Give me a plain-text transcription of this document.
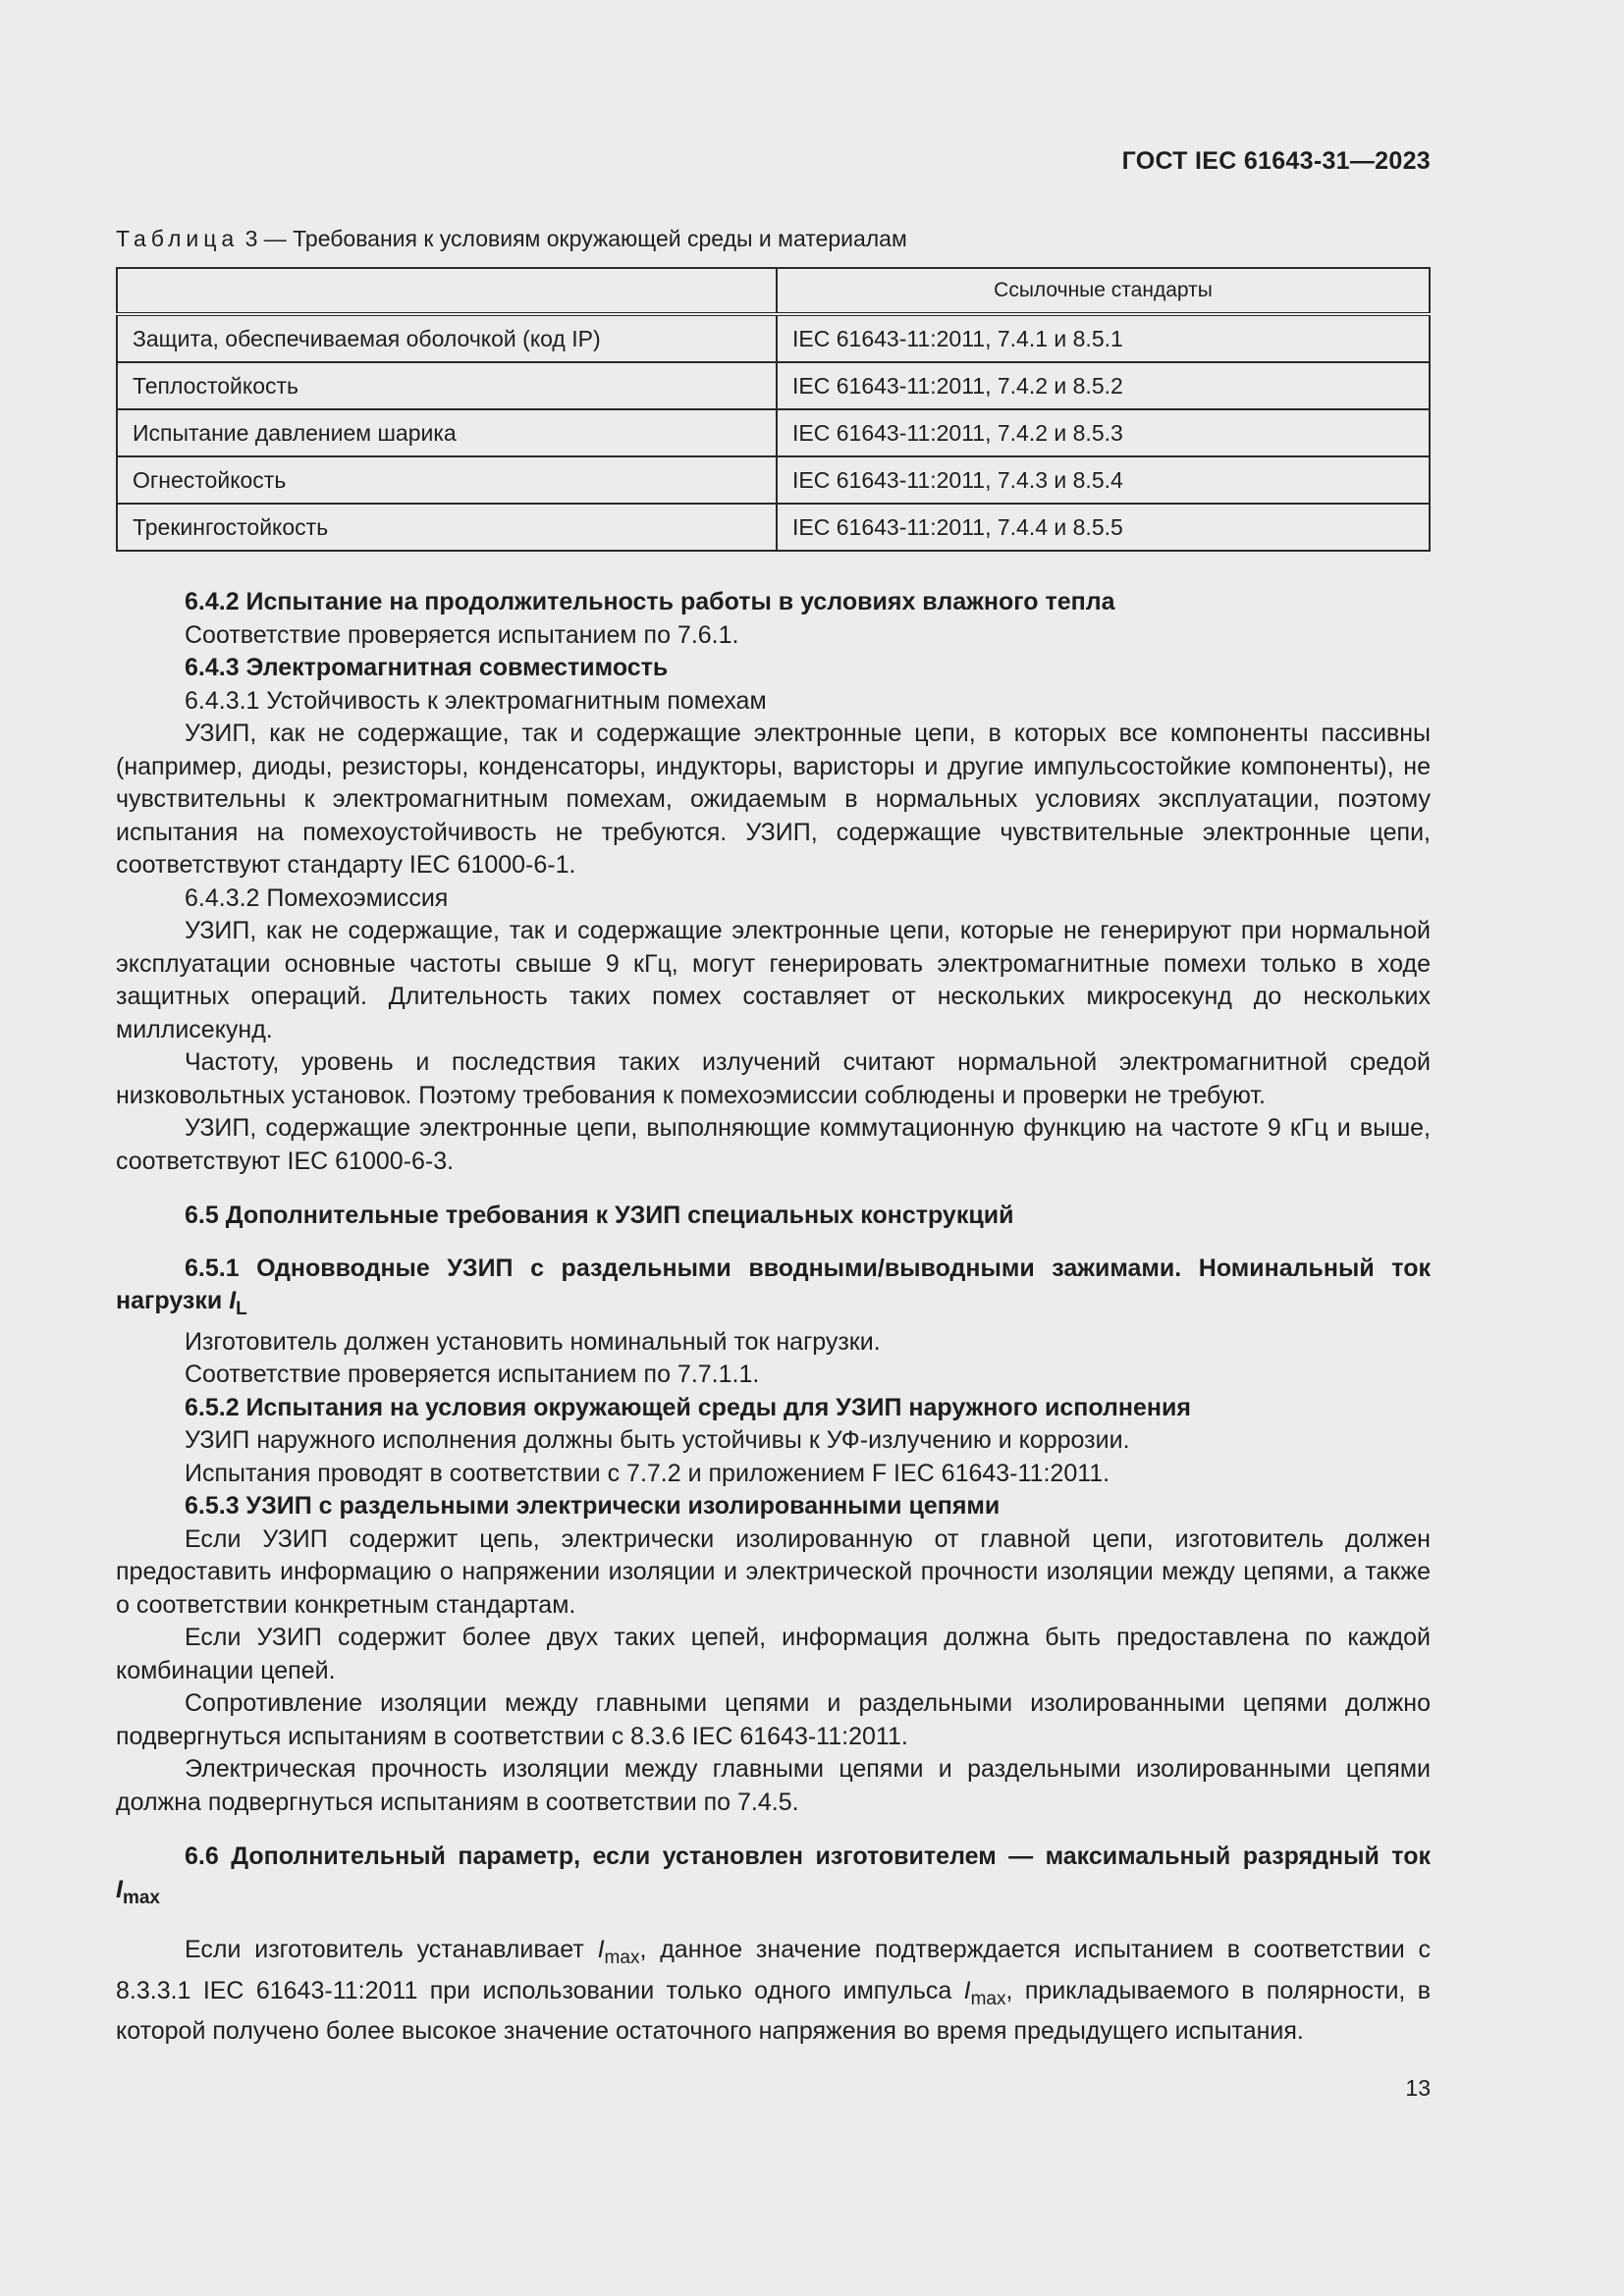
ГОСТ IEC 61643-31—2023
Таблица 3 — Требования к условиям окружающей среды и материалам
	Ссылочные стандарты
Защита, обеспечиваемая оболочкой (код IP)	IEC 61643-11:2011, 7.4.1 и 8.5.1
Теплостойкость	IEC 61643-11:2011, 7.4.2 и 8.5.2
Испытание давлением шарика	IEC 61643-11:2011, 7.4.2 и 8.5.3
Огнестойкость	IEC 61643-11:2011, 7.4.3 и 8.5.4
Трекингостойкость	IEC 61643-11:2011, 7.4.4 и 8.5.5

6.4.2 Испытание на продолжительность работы в условиях влажного тепла

Соответствие проверяется испытанием по 7.6.1.

6.4.3 Электромагнитная совместимость

6.4.3.1 Устойчивость к электромагнитным помехам

УЗИП, как не содержащие, так и содержащие электронные цепи, в которых все компоненты пассивны (например, диоды, резисторы, конденсаторы, индукторы, варисторы и другие импульсостойкие компоненты), не чувствительны к электромагнитным помехам, ожидаемым в нормальных условиях эксплуатации, поэтому испытания на помехоустойчивость не требуются. УЗИП, содержащие чувствительные электронные цепи, соответствуют стандарту IEC 61000-6-1.

6.4.3.2 Помехоэмиссия

УЗИП, как не содержащие, так и содержащие электронные цепи, которые не генерируют при нормальной эксплуатации основные частоты свыше 9 кГц, могут генерировать электромагнитные помехи только в ходе защитных операций. Длительность таких помех составляет от нескольких микросекунд до нескольких миллисекунд.

Частоту, уровень и последствия таких излучений считают нормальной электромагнитной средой низковольтных установок. Поэтому требования к помехоэмиссии соблюдены и проверки не требуют.

УЗИП, содержащие электронные цепи, выполняющие коммутационную функцию на частоте 9 кГц и выше, соответствуют IEC 61000-6-3.

6.5 Дополнительные требования к УЗИП специальных конструкций

6.5.1 Одновводные УЗИП с раздельными вводными/выводными зажимами. Номинальный ток нагрузки $I_L$

Изготовитель должен установить номинальный ток нагрузки.

Соответствие проверяется испытанием по 7.7.1.1.

6.5.2 Испытания на условия окружающей среды для УЗИП наружного исполнения

УЗИП наружного исполнения должны быть устойчивы к УФ-излучению и коррозии.

Испытания проводят в соответствии с 7.7.2 и приложением F IEC 61643-11:2011.

6.5.3 УЗИП с раздельными электрически изолированными цепями

Если УЗИП содержит цепь, электрически изолированную от главной цепи, изготовитель должен предоставить информацию о напряжении изоляции и электрической прочности изоляции между цепями, а также о соответствии конкретным стандартам.

Если УЗИП содержит более двух таких цепей, информация должна быть предоставлена по каждой комбинации цепей.

Сопротивление изоляции между главными цепями и раздельными изолированными цепями должно подвергнуться испытаниям в соответствии с 8.3.6 IEC 61643-11:2011.

Электрическая прочность изоляции между главными цепями и раздельными изолированными цепями должна подвергнуться испытаниям в соответствии по 7.4.5.

6.6 Дополнительный параметр, если установлен изготовителем — максимальный разрядный ток $I_{max}$

Если изготовитель устанавливает $I_{max}$, данное значение подтверждается испытанием в соответствии с 8.3.3.1 IEC 61643-11:2011 при использовании только одного импульса $I_{max}$, прикладываемого в полярности, в которой получено более высокое значение остаточного напряжения во время предыдущего испытания.

13
